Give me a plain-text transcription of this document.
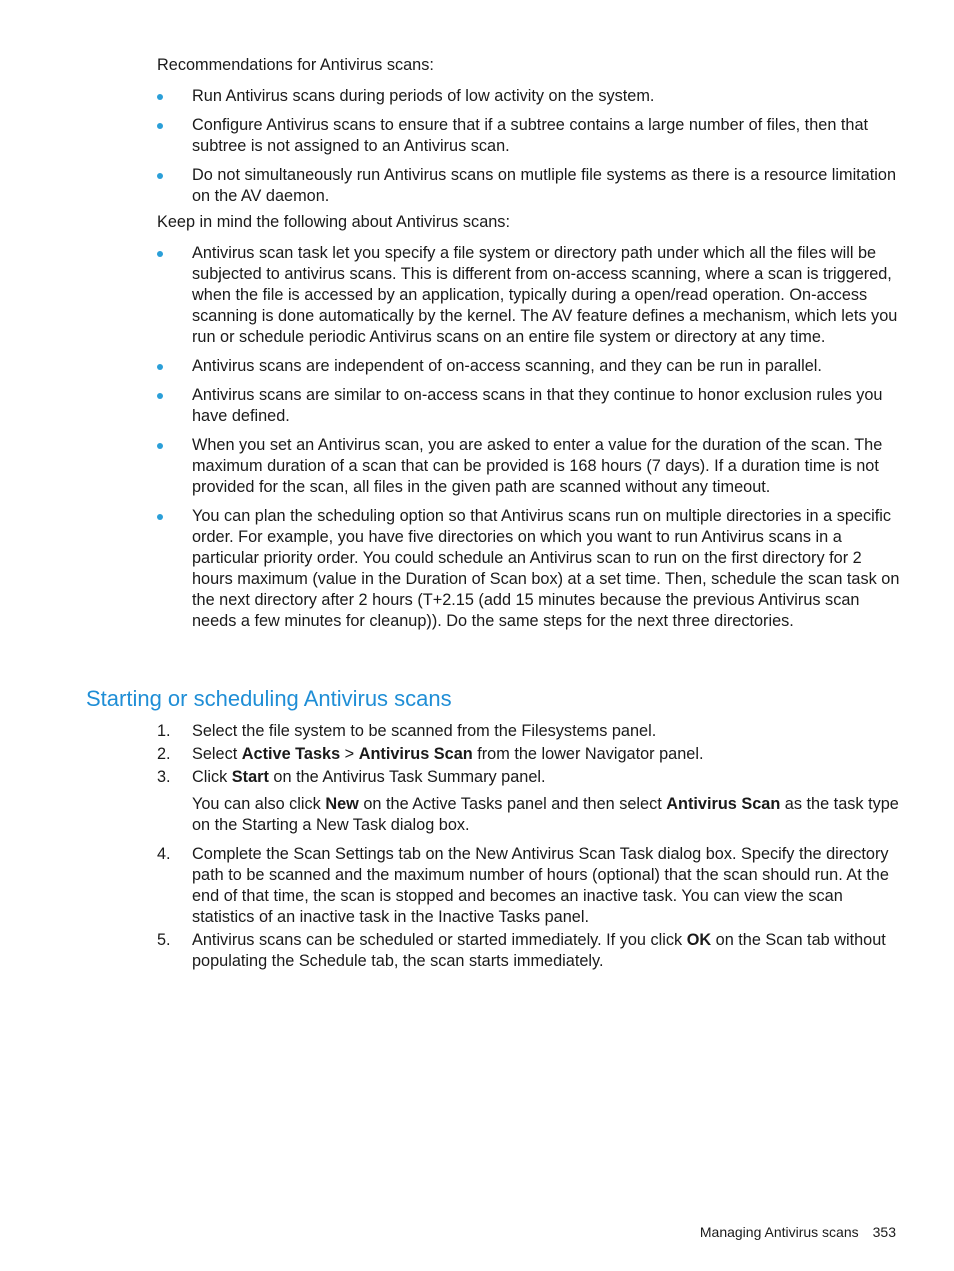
Recommendations for Antivirus scans:

Run Antivirus scans during periods of low activity on the system.
Configure Antivirus scans to ensure that if a subtree contains a large number of files, then that subtree is not assigned to an Antivirus scan.
Do not simultaneously run Antivirus scans on mutliple file systems as there is a resource limitation on the AV daemon.

Keep in mind the following about Antivirus scans:

Antivirus scan task let you specify a file system or directory path under which all the files will be subjected to antivirus scans. This is different from on-access scanning, where a scan is triggered, when the file is accessed by an application, typically during a open/read operation. On-access scanning is done automatically by the kernel. The AV feature defines a mechanism, which lets you run or schedule periodic Antivirus scans on an entire file system or directory at any time.
Antivirus scans are independent of on-access scanning, and they can be run in parallel.
Antivirus scans are similar to on-access scans in that they continue to honor exclusion rules you have defined.
When you set an Antivirus scan, you are asked to enter a value for the duration of the scan. The maximum duration of a scan that can be provided is 168 hours (7 days). If a duration time is not provided for the scan, all files in the given path are scanned without any timeout.
You can plan the scheduling option so that Antivirus scans run on multiple directories in a specific order. For example, you have five directories on which you want to run Antivirus scans in a particular priority order. You could schedule an Antivirus scan to run on the first directory for 2 hours maximum (value in the Duration of Scan box) at a set time. Then, schedule the scan task on the next directory after 2 hours (T+2.15 (add 15 minutes because the previous Antivirus scan needs a few minutes for cleanup)). Do the same steps for the next three directories.
Starting or scheduling Antivirus scans
1. Select the file system to be scanned from the Filesystems panel.
2. Select Active Tasks > Antivirus Scan from the lower Navigator panel.
3. Click Start on the Antivirus Task Summary panel.

You can also click New on the Active Tasks panel and then select Antivirus Scan as the task type on the Starting a New Task dialog box.

4. Complete the Scan Settings tab on the New Antivirus Scan Task dialog box. Specify the directory path to be scanned and the maximum number of hours (optional) that the scan should run. At the end of that time, the scan is stopped and becomes an inactive task. You can view the scan statistics of an inactive task in the Inactive Tasks panel.
5. Antivirus scans can be scheduled or started immediately. If you click OK on the Scan tab without populating the Schedule tab, the scan starts immediately.
Managing Antivirus scans 353
